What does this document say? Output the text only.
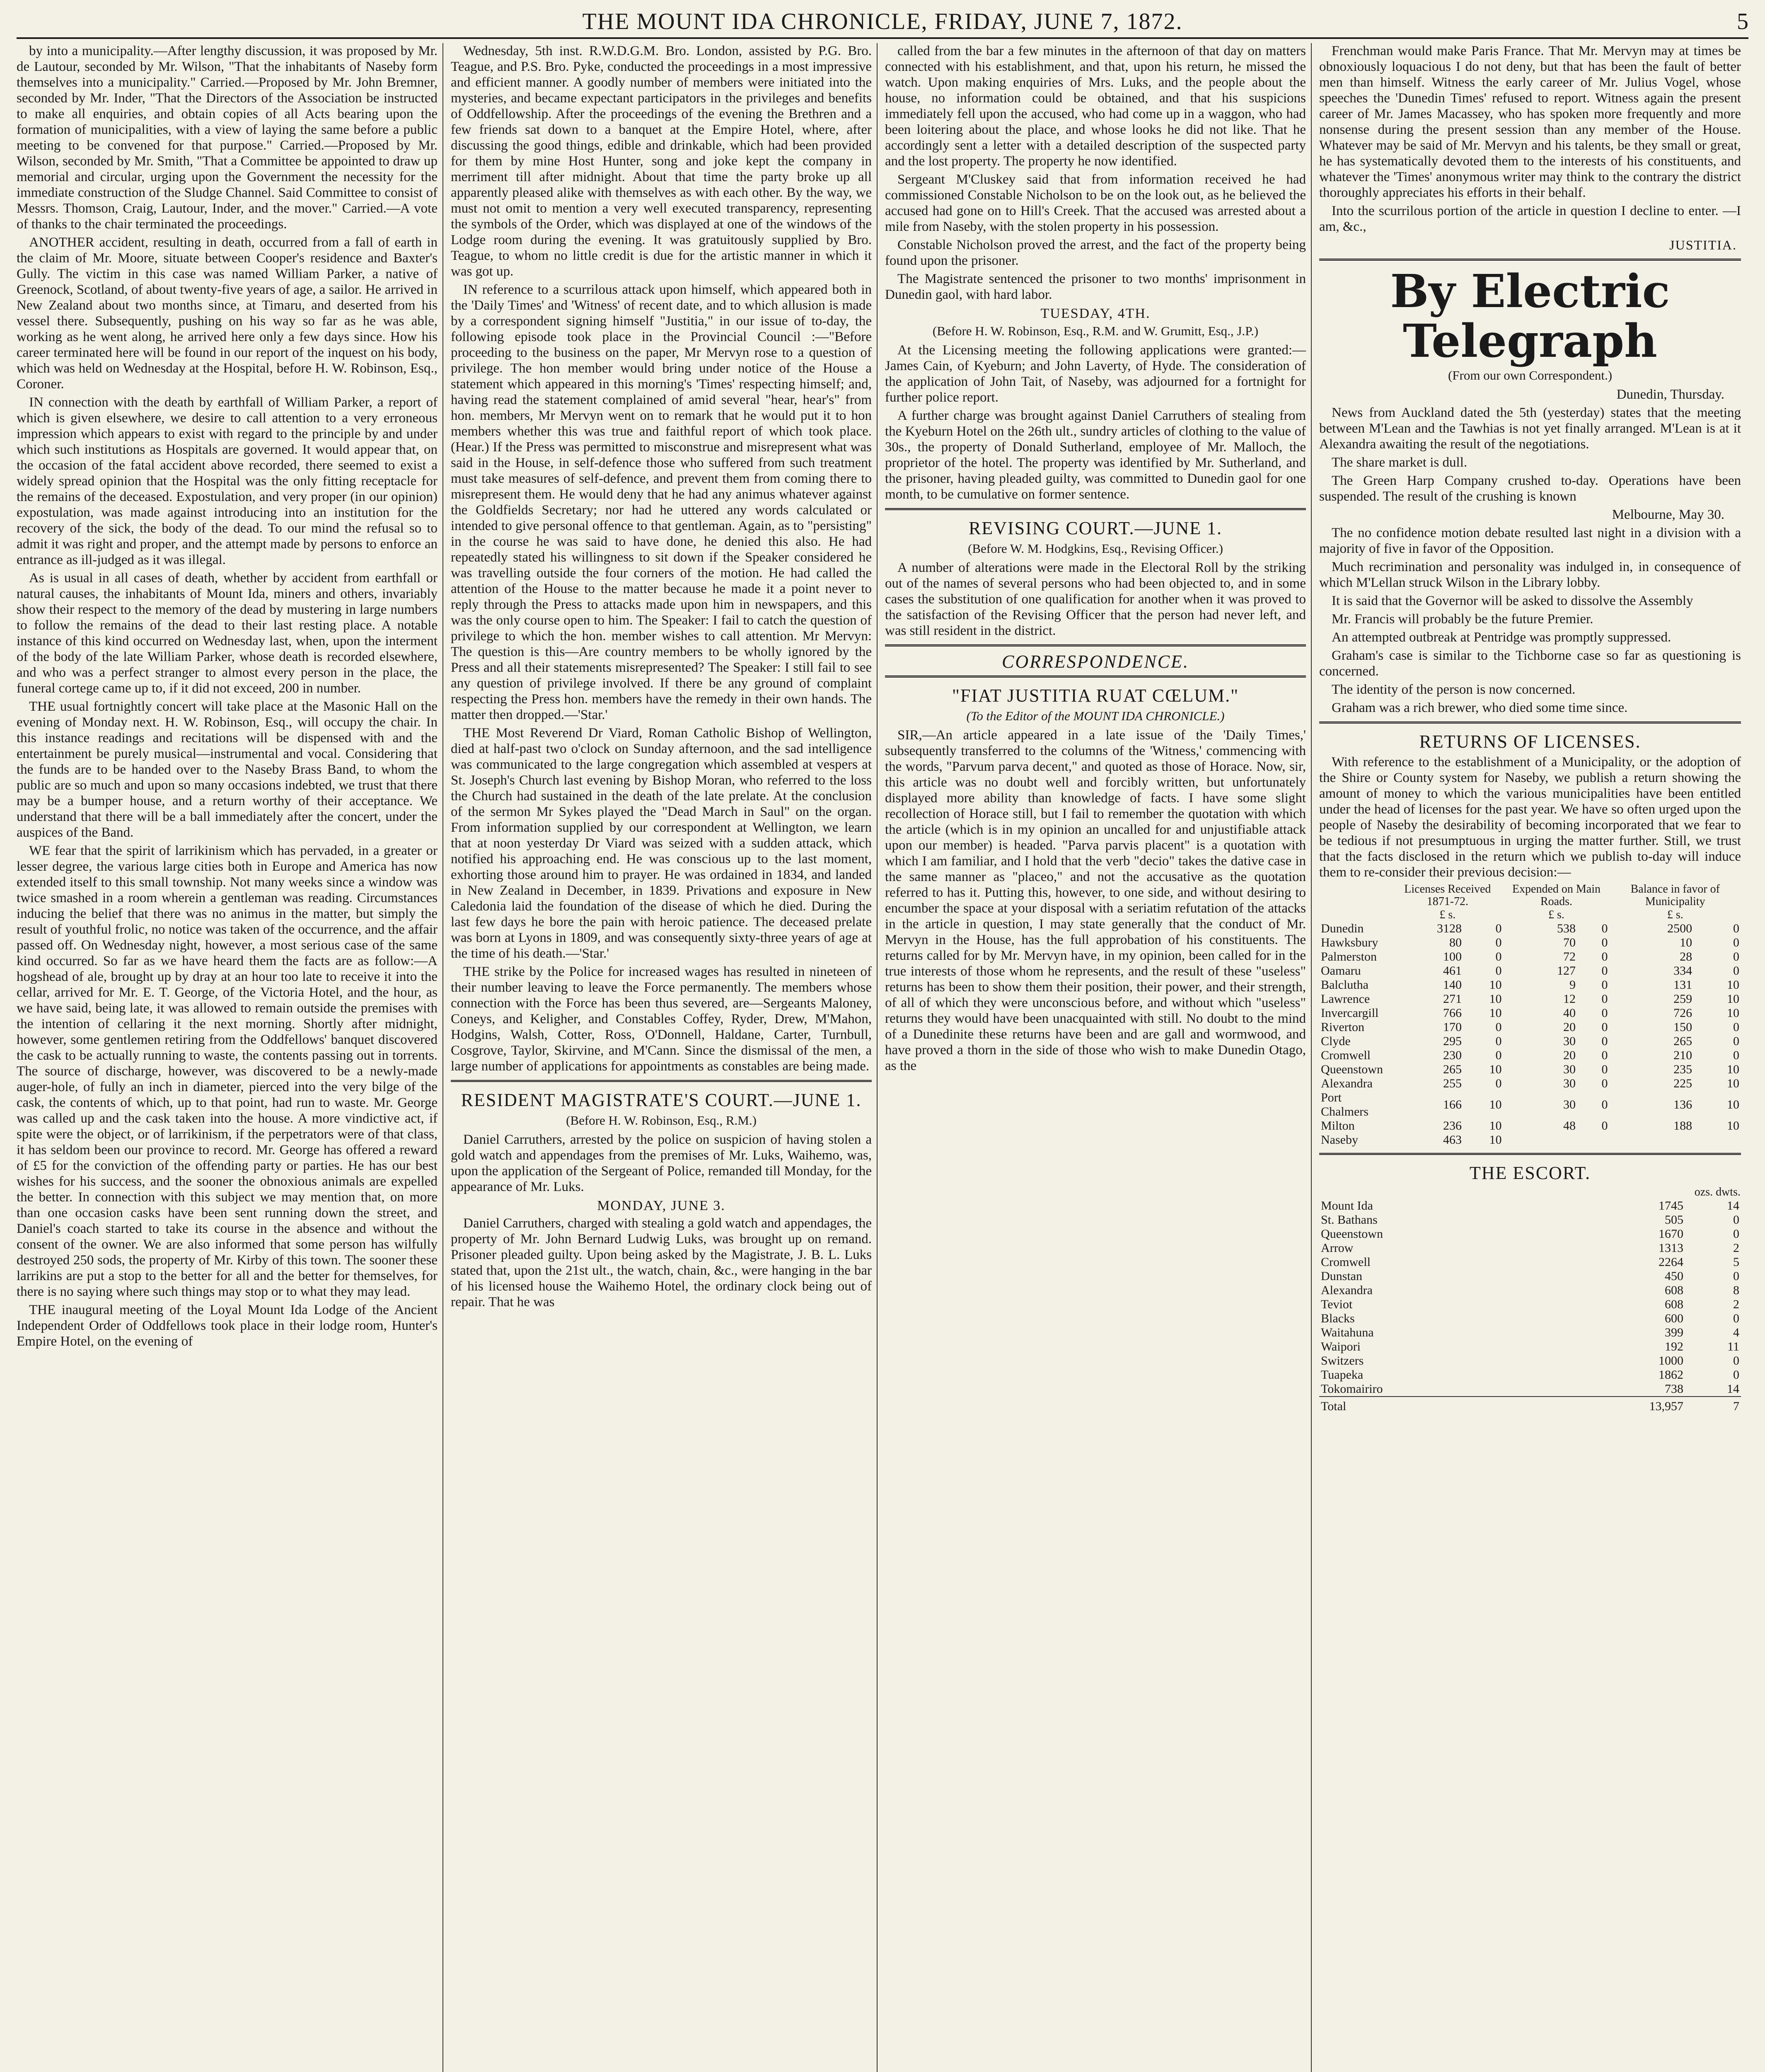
THE MOUNT IDA CHRONICLE, FRIDAY, JUNE 7, 1872.	5

by into a municipality.—After lengthy discussion, it was proposed by Mr. de Lautour, seconded by Mr. Wilson, "That the inhabitants of Naseby form themselves into a municipality." Carried.—Proposed by Mr. John Bremner, seconded by Mr. Inder, "That the Directors of the Association be instructed to make all enquiries, and obtain copies of all Acts bearing upon the formation of municipalities, with a view of laying the same before a public meeting to be convened for that purpose." Carried.—Proposed by Mr. Wilson, seconded by Mr. Smith, "That a Committee be appointed to draw up memorial and circular, urging upon the Government the necessity for the immediate construction of the Sludge Channel. Said Committee to consist of Messrs. Thomson, Craig, Lautour, Inder, and the mover." Carried.—A vote of thanks to the chair terminated the proceedings.

ANOTHER accident, resulting in death, occurred from a fall of earth in the claim of Mr. Moore, situate between Cooper's residence and Baxter's Gully. The victim in this case was named William Parker, a native of Greenock, Scotland, of about twenty-five years of age, a sailor. He arrived in New Zealand about two months since, at Timaru, and deserted from his vessel there. Subsequently, pushing on his way so far as he was able, working as he went along, he arrived here only a few days since. How his career terminated here will be found in our report of the inquest on his body, which was held on Wednesday at the Hospital, before H. W. Robinson, Esq., Coroner.

IN connection with the death by earthfall of William Parker, a report of which is given elsewhere, we desire to call attention to a very erroneous impression which appears to exist with regard to the principle by and under which such institutions as Hospitals are governed. It would appear that, on the occasion of the fatal accident above recorded, there seemed to exist a widely spread opinion that the Hospital was the only fitting receptacle for the remains of the deceased. Expostulation, and very proper (in our opinion) expostulation, was made against introducing into an institution for the recovery of the sick, the body of the dead. To our mind the refusal so to admit it was right and proper, and the attempt made by persons to enforce an entrance as ill-judged as it was illegal.

As is usual in all cases of death, whether by accident from earthfall or natural causes, the inhabitants of Mount Ida, miners and others, invariably show their respect to the memory of the dead by mustering in large numbers to follow the remains of the dead to their last resting place. A notable instance of this kind occurred on Wednesday last, when, upon the interment of the body of the late William Parker, whose death is recorded elsewhere, and who was a perfect stranger to almost every person in the place, the funeral cortege came up to, if it did not exceed, 200 in number.

THE usual fortnightly concert will take place at the Masonic Hall on the evening of Monday next. H. W. Robinson, Esq., will occupy the chair. In this instance readings and recitations will be dispensed with and the entertainment be purely musical—instrumental and vocal. Considering that the funds are to be handed over to the Naseby Brass Band, to whom the public are so much and upon so many occasions indebted, we trust that there may be a bumper house, and a return worthy of their acceptance. We understand that there will be a ball immediately after the concert, under the auspices of the Band.

WE fear that the spirit of larrikinism which has pervaded, in a greater or lesser degree, the various large cities both in Europe and America has now extended itself to this small township. Not many weeks since a window was twice smashed in a room wherein a gentleman was reading. Circumstances inducing the belief that there was no animus in the matter, but simply the result of youthful frolic, no notice was taken of the occurrence, and the affair passed off. On Wednesday night, however, a most serious case of the same kind occurred. So far as we have heard them the facts are as follow:—A hogshead of ale, brought up by dray at an hour too late to receive it into the cellar, arrived for Mr. E. T. George, of the Victoria Hotel, and the hour, as we have said, being late, it was allowed to remain outside the premises with the intention of cellaring it the next morning. Shortly after midnight, however, some gentlemen retiring from the Oddfellows' banquet discovered the cask to be actually running to waste, the contents passing out in torrents. The source of discharge, however, was discovered to be a newly-made auger-hole, of fully an inch in diameter, pierced into the very bilge of the cask, the contents of which, up to that point, had run to waste. Mr. George was called up and the cask taken into the house. A more vindictive act, if spite were the object, or of larrikinism, if the perpetrators were of that class, it has seldom been our province to record. Mr. George has offered a reward of £5 for the conviction of the offending party or parties. He has our best wishes for his success, and the sooner the obnoxious animals are expelled the better. In connection with this subject we may mention that, on more than one occasion casks have been sent running down the street, and Daniel's coach started to take its course in the absence and without the consent of the owner. We are also informed that some person has wilfully destroyed 250 sods, the property of Mr. Kirby of this town. The sooner these larrikins are put a stop to the better for all and the better for themselves, for there is no saying where such things may stop or to what they may lead.

THE inaugural meeting of the Loyal Mount Ida Lodge of the Ancient Independent Order of Oddfellows took place in their lodge room, Hunter's Empire Hotel, on the evening of

Wednesday, 5th inst. R.W.D.G.M. Bro. London, assisted by P.G. Bro. Teague, and P.S. Bro. Pyke, conducted the proceedings in a most impressive and efficient manner. A goodly number of members were initiated into the mysteries, and became expectant participators in the privileges and benefits of Oddfellowship. After the proceedings of the evening the Brethren and a few friends sat down to a banquet at the Empire Hotel, where, after discussing the good things, edible and drinkable, which had been provided for them by mine Host Hunter, song and joke kept the company in merriment till after midnight. About that time the party broke up all apparently pleased alike with themselves as with each other. By the way, we must not omit to mention a very well executed transparency, representing the symbols of the Order, which was displayed at one of the windows of the Lodge room during the evening. It was gratuitously supplied by Bro. Teague, to whom no little credit is due for the artistic manner in which it was got up.

IN reference to a scurrilous attack upon himself, which appeared both in the 'Daily Times' and 'Witness' of recent date, and to which allusion is made by a correspondent signing himself "Justitia," in our issue of to-day, the following episode took place in the Provincial Council :—"Before proceeding to the business on the paper, Mr Mervyn rose to a question of privilege. The hon member would bring under notice of the House a statement which appeared in this morning's 'Times' respecting himself; and, having read the statement complained of amid several "hear, hear's" from hon. members, Mr Mervyn went on to remark that he would put it to hon members whether this was true and faithful report of which took place. (Hear.) If the Press was permitted to misconstrue and misrepresent what was said in the House, in self-defence those who suffered from such treatment must take measures of self-defence, and prevent them from coming there to misrepresent them. He would deny that he had any animus whatever against the Goldfields Secretary; nor had he uttered any words calculated or intended to give personal offence to that gentleman. Again, as to "persisting" in the course he was said to have done, he denied this also. He had repeatedly stated his willingness to sit down if the Speaker considered he was travelling outside the four corners of the motion. He had called the attention of the House to the matter because he made it a point never to reply through the Press to attacks made upon him in newspapers, and this was the only course open to him. The Speaker: I fail to catch the question of privilege to which the hon. member wishes to call attention. Mr Mervyn: The question is this—Are country members to be wholly ignored by the Press and all their statements misrepresented? The Speaker: I still fail to see any question of privilege involved. If there be any ground of complaint respecting the Press hon. members have the remedy in their own hands. The matter then dropped.—'Star.'

THE Most Reverend Dr Viard, Roman Catholic Bishop of Wellington, died at half-past two o'clock on Sunday afternoon, and the sad intelligence was communicated to the large congregation which assembled at vespers at St. Joseph's Church last evening by Bishop Moran, who referred to the loss the Church had sustained in the death of the late prelate. At the conclusion of the sermon Mr Sykes played the "Dead March in Saul" on the organ. From information supplied by our correspondent at Wellington, we learn that at noon yesterday Dr Viard was seized with a sudden attack, which notified his approaching end. He was conscious up to the last moment, exhorting those around him to prayer. He was ordained in 1834, and landed in New Zealand in December, in 1839. Privations and exposure in New Caledonia laid the foundation of the disease of which he died. During the last few days he bore the pain with heroic patience. The deceased prelate was born at Lyons in 1809, and was consequently sixty-three years of age at the time of his death.—'Star.'

THE strike by the Police for increased wages has resulted in nineteen of their number leaving to leave the Force permanently. The members whose connection with the Force has been thus severed, are—Sergeants Maloney, Coneys, and Keligher, and Constables Coffey, Ryder, Drew, M'Mahon, Hodgins, Walsh, Cotter, Ross, O'Donnell, Haldane, Carter, Turnbull, Cosgrove, Taylor, Skirvine, and M'Cann. Since the dismissal of the men, a large number of applications for appointments as constables are being made.

RESIDENT MAGISTRATE'S COURT.—JUNE 1.
(Before H. W. Robinson, Esq., R.M.)

Daniel Carruthers, arrested by the police on suspicion of having stolen a gold watch and appendages from the premises of Mr. Luks, Waihemo, was, upon the application of the Sergeant of Police, remanded till Monday, for the appearance of Mr. Luks.

MONDAY, JUNE 3.

Daniel Carruthers, charged with stealing a gold watch and appendages, the property of Mr. John Bernard Ludwig Luks, was brought up on remand. Prisoner pleaded guilty. Upon being asked by the Magistrate, J. B. L. Luks stated that, upon the 21st ult., the watch, chain, &c., were hanging in the bar of his licensed house the Waihemo Hotel, the ordinary clock being out of repair. That he was

called from the bar a few minutes in the afternoon of that day on matters connected with his establishment, and that, upon his return, he missed the watch. Upon making enquiries of Mrs. Luks, and the people about the house, no information could be obtained, and that his suspicions immediately fell upon the accused, who had come up in a waggon, who had been loitering about the place, and whose looks he did not like. That he accordingly sent a letter with a detailed description of the suspected party and the lost property. The property he now identified.

Sergeant M'Cluskey said that from information received he had commissioned Constable Nicholson to be on the look out, as he believed the accused had gone on to Hill's Creek. That the accused was arrested about a mile from Naseby, with the stolen property in his possession.

Constable Nicholson proved the arrest, and the fact of the property being found upon the prisoner.

The Magistrate sentenced the prisoner to two months' imprisonment in Dunedin gaol, with hard labor.

TUESDAY, 4TH.
(Before H. W. Robinson, Esq., R.M. and W. Grumitt, Esq., J.P.)

At the Licensing meeting the following applications were granted:—James Cain, of Kyeburn; and John Laverty, of Hyde. The consideration of the application of John Tait, of Naseby, was adjourned for a fortnight for further police report.

A further charge was brought against Daniel Carruthers of stealing from the Kyeburn Hotel on the 26th ult., sundry articles of clothing to the value of 30s., the property of Donald Sutherland, employee of Mr. Malloch, the proprietor of the hotel. The property was identified by Mr. Sutherland, and the prisoner, having pleaded guilty, was committed to Dunedin gaol for one month, to be cumulative on former sentence.

REVISING COURT.—JUNE 1.
(Before W. M. Hodgkins, Esq., Revising Officer.)

A number of alterations were made in the Electoral Roll by the striking out of the names of several persons who had been objected to, and in some cases the substitution of one qualification for another when it was proved to the satisfaction of the Revising Officer that the person had never left, and was still resident in the district.

CORRESPONDENCE.
"FIAT JUSTITIA RUAT CŒLUM."
(To the Editor of the MOUNT IDA CHRONICLE.)

SIR,—An article appeared in a late issue of the 'Daily Times,' subsequently transferred to the columns of the 'Witness,' commencing with the words, "Parvum parva decent," and quoted as those of Horace. Now, sir, this article was no doubt well and forcibly written, but unfortunately displayed more ability than knowledge of facts. I have some slight recollection of Horace still, but I fail to remember the quotation with which the article (which is in my opinion an uncalled for and unjustifiable attack upon our member) is headed. "Parva parvis placent" is a quotation with which I am familiar, and I hold that the verb "decio" takes the dative case in the same manner as "placeo," and not the accusative as the quotation referred to has it. Putting this, however, to one side, and without desiring to encumber the space at your disposal with a seriatim refutation of the attacks in the article in question, I may state generally that the conduct of Mr. Mervyn in the House, has the full approbation of his constituents. The returns called for by Mr. Mervyn have, in my opinion, been called for in the true interests of those whom he represents, and the result of these "useless" returns has been to show them their position, their power, and their strength, of all of which they were unconscious before, and without which "useless" returns they would have been unacquainted with still. No doubt to the mind of a Dunedinite these returns have been and are gall and wormwood, and have proved a thorn in the side of those who wish to make Dunedin Otago, as the

Frenchman would make Paris France. That Mr. Mervyn may at times be obnoxiously loquacious I do not deny, but that has been the fault of better men than himself. Witness the early career of Mr. Julius Vogel, whose speeches the 'Dunedin Times' refused to report. Witness again the present career of Mr. James Macassey, who has spoken more frequently and more nonsense during the present session than any member of the House. Whatever may be said of Mr. Mervyn and his talents, be they small or great, he has systematically devoted them to the interests of his constituents, and whatever the 'Times' anonymous writer may think to the contrary the district thoroughly appreciates his efforts in their behalf.

Into the scurrilous portion of the article in question I decline to enter. —I am, &c.,

JUSTITIA.
By Electric Telegraph
(From our own Correspondent.)
Dunedin, Thursday.

News from Auckland dated the 5th (yesterday) states that the meeting between M'Lean and the Tawhias is not yet finally arranged. M'Lean is at it Alexandra awaiting the result of the negotiations.

The share market is dull.

The Green Harp Company crushed to-day. Operations have been suspended. The result of the crushing is known

Melbourne, May 30.

The no confidence motion debate resulted last night in a division with a majority of five in favor of the Opposition.

Much recrimination and personality was indulged in, in consequence of which M'Lellan struck Wilson in the Library lobby.

It is said that the Governor will be asked to dissolve the Assembly

Mr. Francis will probably be the future Premier.

An attempted outbreak at Pentridge was promptly suppressed.

Graham's case is similar to the Tichborne case so far as questioning is concerned.

The identity of the person is now concerned.

Graham was a rich brewer, who died some time since.

RETURNS OF LICENSES.

With reference to the establishment of a Municipality, or the adoption of the Shire or County system for Naseby, we publish a return showing the amount of money to which the various municipalities have been entitled under the head of licenses for the past year. We have so often urged upon the people of Naseby the desirability of becoming incorporated that we fear to be tedious if not presumptuous in urging the matter further. Still, we trust that the facts disclosed in the return which we publish to-day will induce them to re-consider their previous decision:—

	Licenses Received 1871-72.		Expended on Main Roads.		Balance in favor of Municipality	
	£ s.		£ s.		£ s.	
Dunedin	3128	0	538	0	2500	0
Hawksbury	80	0	70	0	10	0
Palmerston	100	0	72	0	28	0
Oamaru	461	0	127	0	334	0
Balclutha	140	10	9	0	131	10
Lawrence	271	10	12	0	259	10
Invercargill	766	10	40	0	726	10
Riverton	170	0	20	0	150	0
Clyde	295	0	30	0	265	0
Cromwell	230	0	20	0	210	0
Queenstown	265	10	30	0	235	10
Alexandra	255	0	30	0	225	10
Port Chalmers	166	10	30	0	136	10
Milton	236	10	48	0	188	10
Naseby	463	10				
THE ESCORT.
	ozs. dwts.	
Mount Ida	1745	14
St. Bathans	505	0
Queenstown	1670	0
Arrow	1313	2
Cromwell	2264	5
Dunstan	450	0
Alexandra	608	8
Teviot	608	2
Blacks	600	0
Waitahuna	399	4
Waipori	192	11
Switzers	1000	0
Tuapeka	1862	0
Tokomairiro	738	14
Total	13,957	7
